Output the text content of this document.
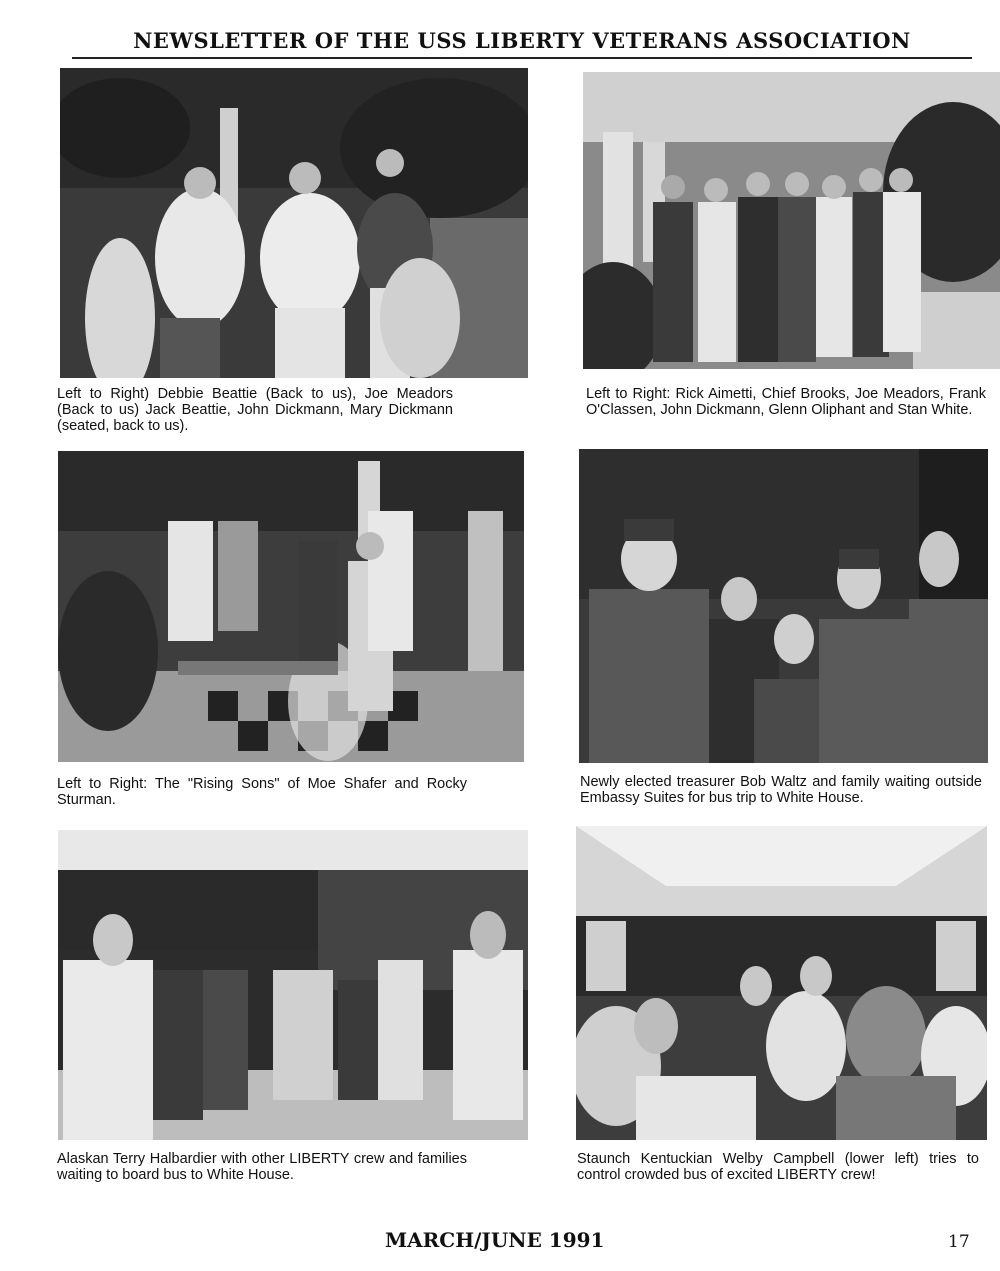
NEWSLETTER OF THE USS LIBERTY VETERANS ASSOCIATION
Left to Right) Debbie Beattie (Back to us), Joe Meadors (Back to us) Jack Beattie, John Dickmann, Mary Dickmann (seated, back to us).
Left to Right: Rick Aimetti, Chief Brooks, Joe Meadors, Frank O'Classen, John Dickmann, Glenn Oliphant and Stan White.
Left to Right: The "Rising Sons" of Moe Shafer and Rocky Sturman.
Newly elected treasurer Bob Waltz and family waiting outside Embassy Suites for bus trip to White House.
Alaskan Terry Halbardier with other LIBERTY crew and families waiting to board bus to White House.
Staunch Kentuckian Welby Campbell (lower left) tries to control crowded bus of excited LIBERTY crew!
MARCH/JUNE 1991	17
